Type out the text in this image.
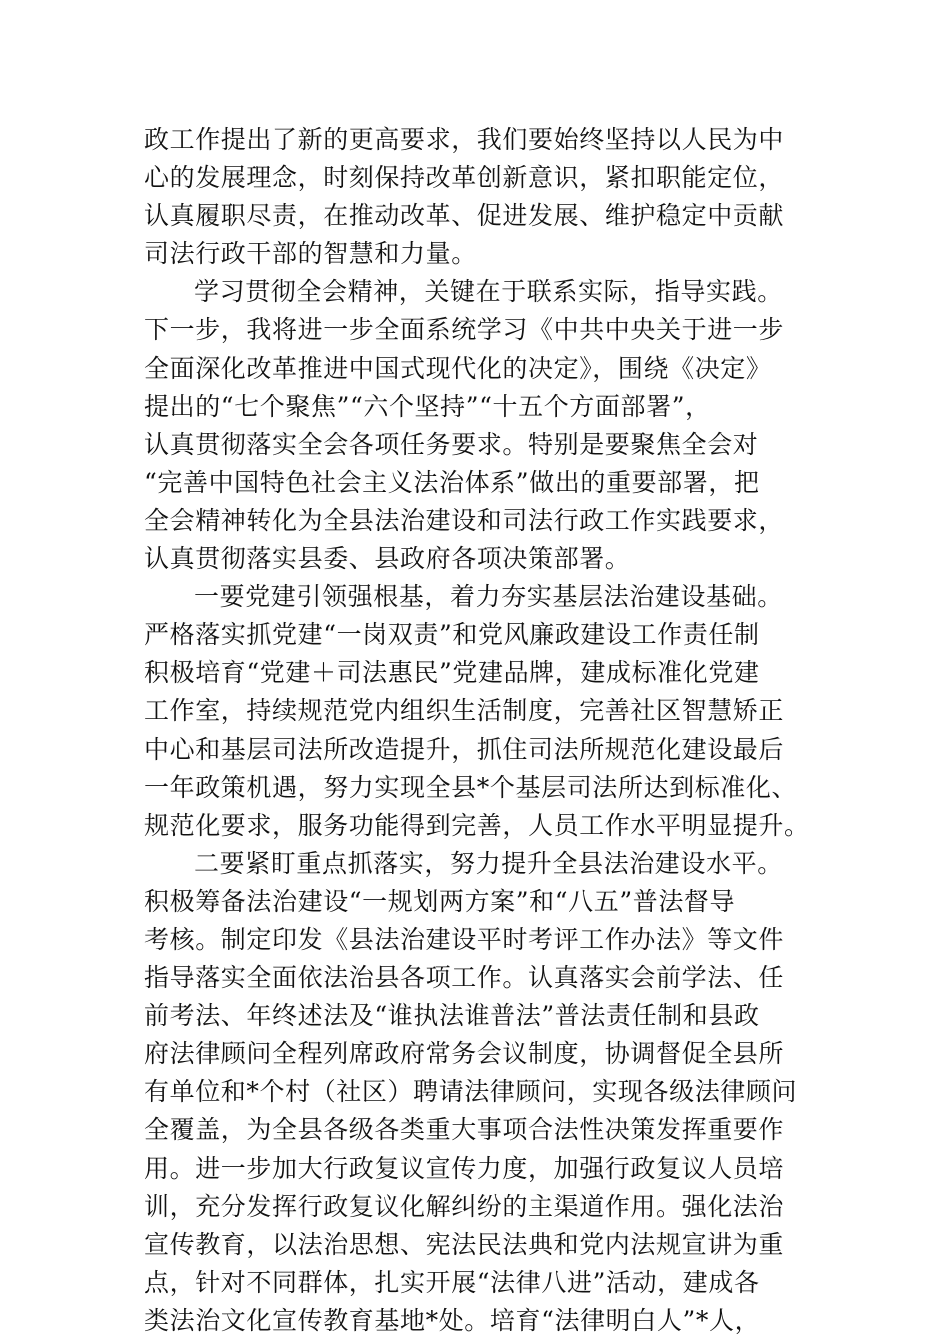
政工作提出了新的更高要求，我们要始终坚持以人民为中
心的发展理念，时刻保持改革创新意识，紧扣职能定位，
认真履职尽责，在推动改革、促进发展、维护稳定中贡献
司法行政干部的智慧和力量。
学习贯彻全会精神，关键在于联系实际，指导实践。
下一步，我将进一步全面系统学习《中共中央关于进一步
全面深化改革推进中国式现代化的决定》，围绕《决定》
提出的“七个聚焦”“六个坚持”“十五个方面部署”，
认真贯彻落实全会各项任务要求。特别是要聚焦全会对
“完善中国特色社会主义法治体系”做出的重要部署，把
全会精神转化为全县法治建设和司法行政工作实践要求，
认真贯彻落实县委、县政府各项决策部署。
一要党建引领强根基，着力夯实基层法治建设基础。
严格落实抓党建“一岗双责”和党风廉政建设工作责任制
积极培育“党建＋司法惠民”党建品牌，建成标准化党建
工作室，持续规范党内组织生活制度，完善社区智慧矫正
中心和基层司法所改造提升，抓住司法所规范化建设最后
一年政策机遇，努力实现全县*个基层司法所达到标准化、
规范化要求，服务功能得到完善，人员工作水平明显提升。
二要紧盯重点抓落实，努力提升全县法治建设水平。
积极筹备法治建设“一规划两方案”和“八五”普法督导
考核。制定印发《县法治建设平时考评工作办法》等文件
指导落实全面依法治县各项工作。认真落实会前学法、任
前考法、年终述法及“谁执法谁普法”普法责任制和县政
府法律顾问全程列席政府常务会议制度，协调督促全县所
有单位和*个村（社区）聘请法律顾问，实现各级法律顾问
全覆盖，为全县各级各类重大事项合法性决策发挥重要作
用。进一步加大行政复议宣传力度，加强行政复议人员培
训，充分发挥行政复议化解纠纷的主渠道作用。强化法治
宣传教育，以法治思想、宪法民法典和党内法规宣讲为重
点，针对不同群体，扎实开展“法律八进”活动，建成各
类法治文化宣传教育基地*处。培育“法律明白人”*人，
